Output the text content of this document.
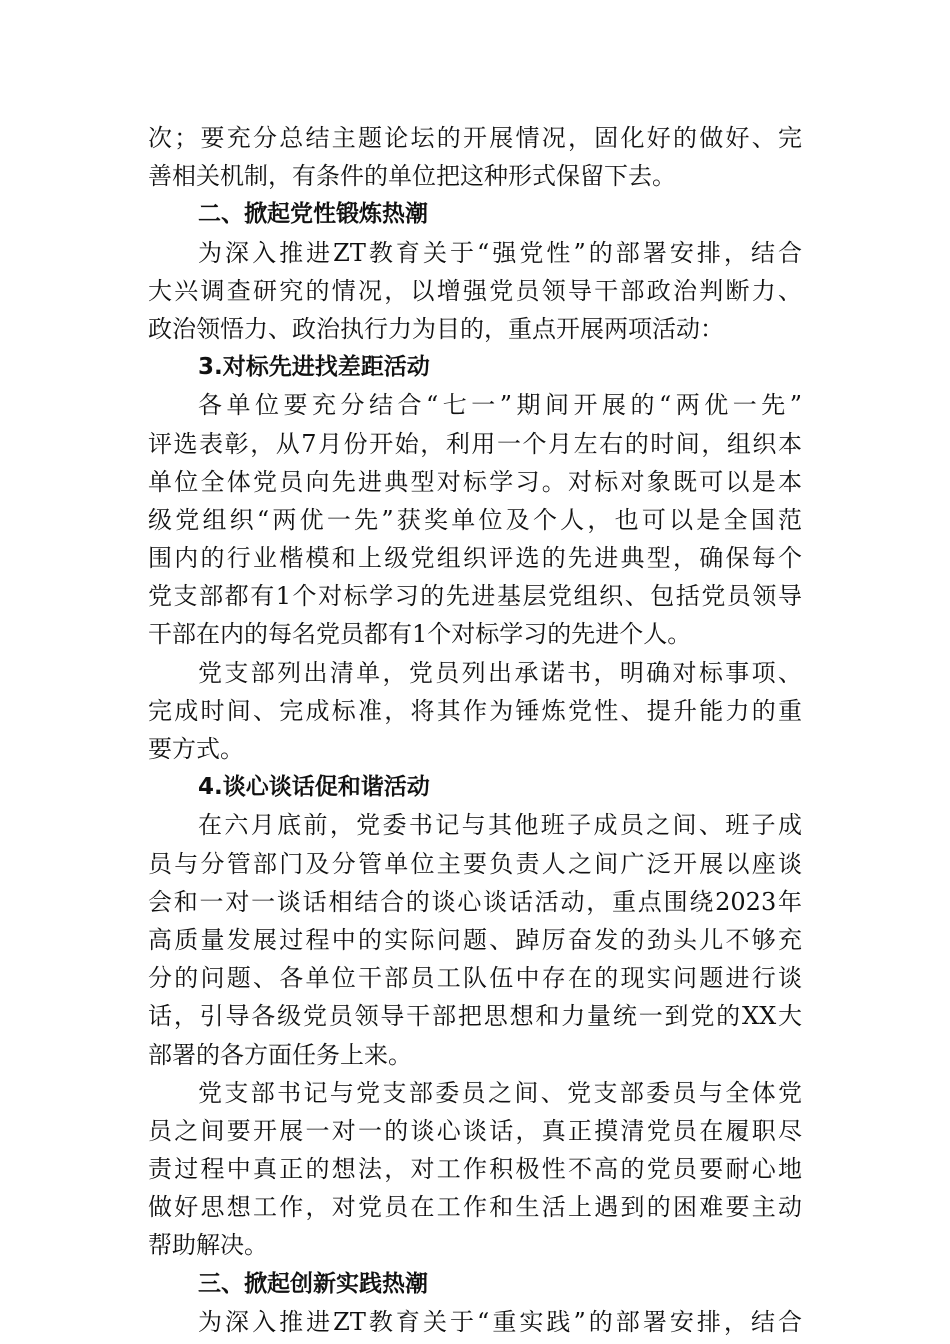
次；要充分总结主题论坛的开展情况，固化好的做好、完
善相关机制，有条件的单位把这种形式保留下去。
二、掀起党性锻炼热潮
为深入推进ZT教育关于“强党性”的部署安排，结合
大兴调查研究的情况，以增强党员领导干部政治判断力、
政治领悟力、政治执行力为目的，重点开展两项活动：
3.对标先进找差距活动
各单位要充分结合“七一”期间开展的“两优一先”
评选表彰，从7月份开始，利用一个月左右的时间，组织本
单位全体党员向先进典型对标学习。对标对象既可以是本
级党组织“两优一先”获奖单位及个人，也可以是全国范
围内的行业楷模和上级党组织评选的先进典型，确保每个
党支部都有1个对标学习的先进基层党组织、包括党员领导
干部在内的每名党员都有1个对标学习的先进个人。
党支部列出清单，党员列出承诺书，明确对标事项、
完成时间、完成标准，将其作为锤炼党性、提升能力的重
要方式。
4.谈心谈话促和谐活动
在六月底前，党委书记与其他班子成员之间、班子成
员与分管部门及分管单位主要负责人之间广泛开展以座谈
会和一对一谈话相结合的谈心谈话活动，重点围绕2023年
高质量发展过程中的实际问题、踔厉奋发的劲头儿不够充
分的问题、各单位干部员工队伍中存在的现实问题进行谈
话，引导各级党员领导干部把思想和力量统一到党的XX大
部署的各方面任务上来。
党支部书记与党支部委员之间、党支部委员与全体党
员之间要开展一对一的谈心谈话，真正摸清党员在履职尽
责过程中真正的想法，对工作积极性不高的党员要耐心地
做好思想工作，对党员在工作和生活上遇到的困难要主动
帮助解决。
三、掀起创新实践热潮
为深入推进ZT教育关于“重实践”的部署安排，结合
